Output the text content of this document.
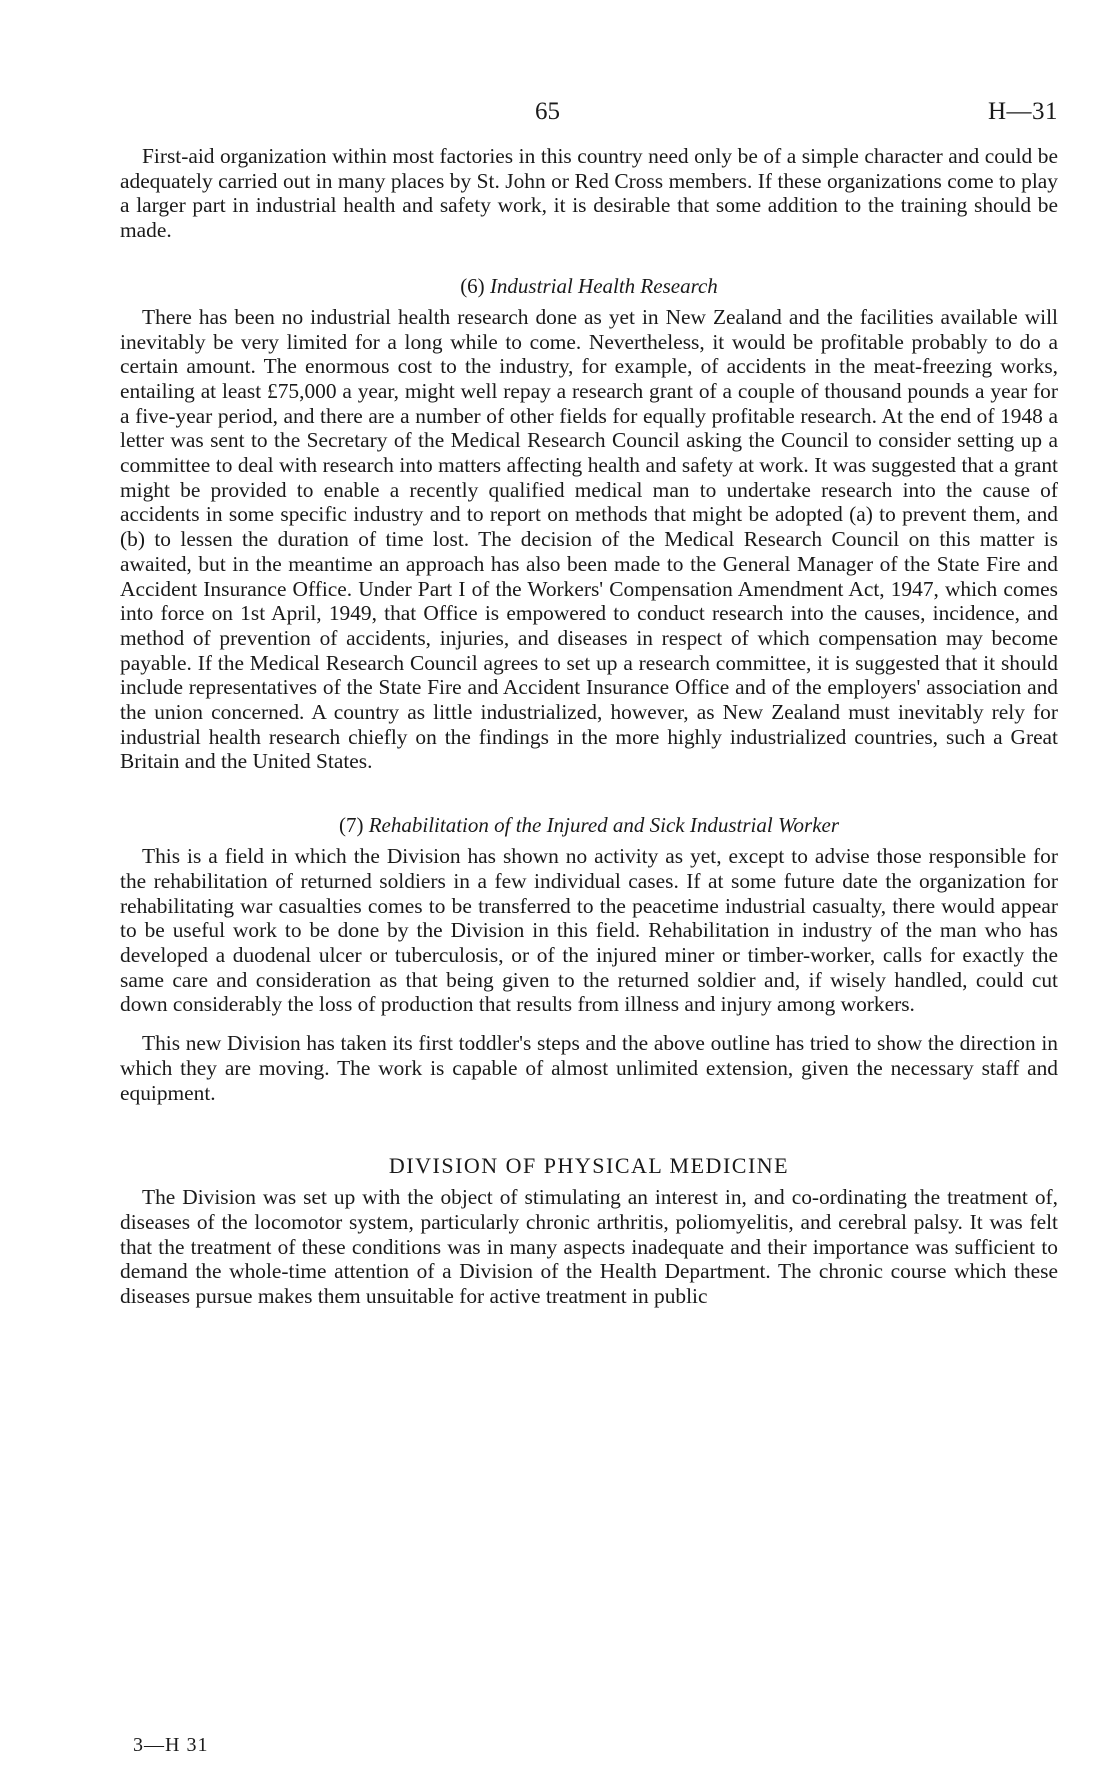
65	H—31

First-aid organization within most factories in this country need only be of a simple character and could be adequately carried out in many places by St. John or Red Cross members. If these organizations come to play a larger part in industrial health and safety work, it is desirable that some addition to the training should be made.

(6) Industrial Health Research

There has been no industrial health research done as yet in New Zealand and the facilities available will inevitably be very limited for a long while to come. Nevertheless, it would be profitable probably to do a certain amount. The enormous cost to the industry, for example, of accidents in the meat-freezing works, entailing at least £75,000 a year, might well repay a research grant of a couple of thousand pounds a year for a five-year period, and there are a number of other fields for equally profitable research. At the end of 1948 a letter was sent to the Secretary of the Medical Research Council asking the Council to consider setting up a committee to deal with research into matters affecting health and safety at work. It was suggested that a grant might be provided to enable a recently qualified medical man to undertake research into the cause of accidents in some specific industry and to report on methods that might be adopted (a) to prevent them, and (b) to lessen the duration of time lost. The decision of the Medical Research Council on this matter is awaited, but in the meantime an approach has also been made to the General Manager of the State Fire and Accident Insurance Office. Under Part I of the Workers' Compensation Amendment Act, 1947, which comes into force on 1st April, 1949, that Office is empowered to conduct research into the causes, incidence, and method of prevention of accidents, injuries, and diseases in respect of which compensation may become payable. If the Medical Research Council agrees to set up a research committee, it is suggested that it should include representatives of the State Fire and Accident Insurance Office and of the employers' association and the union concerned. A country as little industrialized, however, as New Zealand must inevitably rely for industrial health research chiefly on the findings in the more highly industrialized countries, such a Great Britain and the United States.

(7) Rehabilitation of the Injured and Sick Industrial Worker

This is a field in which the Division has shown no activity as yet, except to advise those responsible for the rehabilitation of returned soldiers in a few individual cases. If at some future date the organization for rehabilitating war casualties comes to be transferred to the peacetime industrial casualty, there would appear to be useful work to be done by the Division in this field. Rehabilitation in industry of the man who has developed a duodenal ulcer or tuberculosis, or of the injured miner or timber-worker, calls for exactly the same care and consideration as that being given to the returned soldier and, if wisely handled, could cut down considerably the loss of production that results from illness and injury among workers.

This new Division has taken its first toddler's steps and the above outline has tried to show the direction in which they are moving. The work is capable of almost unlimited extension, given the necessary staff and equipment.

DIVISION OF PHYSICAL MEDICINE

The Division was set up with the object of stimulating an interest in, and co-ordinating the treatment of, diseases of the locomotor system, particularly chronic arthritis, poliomyelitis, and cerebral palsy. It was felt that the treatment of these conditions was in many aspects inadequate and their importance was sufficient to demand the whole-time attention of a Division of the Health Department. The chronic course which these diseases pursue makes them unsuitable for active treatment in public

3—H 31
